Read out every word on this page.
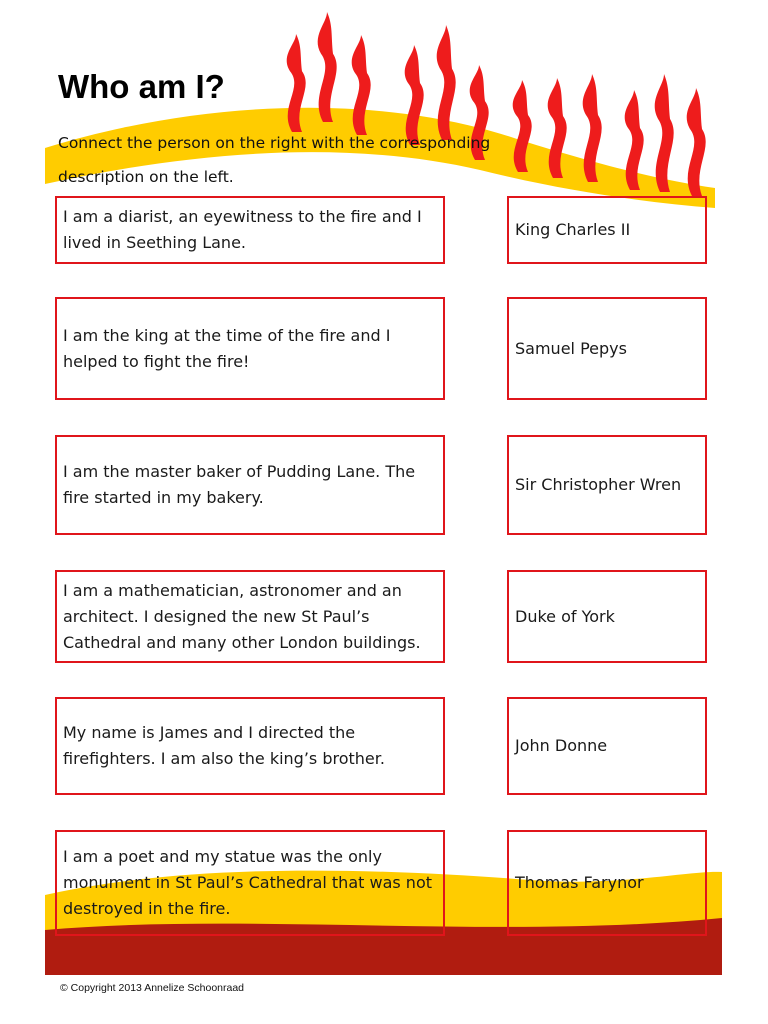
Who am I?

Connect the person on the right with the corresponding description on the left.

I am a diarist, an eyewitness to the fire and I lived in Seething Lane.
I am the king at the time of the fire and I helped to fight the fire!
I am the master baker of Pudding Lane. The fire started in my bakery.
I am a mathematician, astronomer and an architect. I designed the new St Paul’s Cathedral and many other London buildings.
My name is James and I directed the firefighters. I am also the king’s brother.
I am a poet and my statue was the only monument in St Paul’s Cathedral that was not destroyed in the fire.
King Charles II
Samuel Pepys
Sir Christopher Wren
Duke of York
John Donne
Thomas Farynor

© Copyright 2013 Annelize Schoonraad
